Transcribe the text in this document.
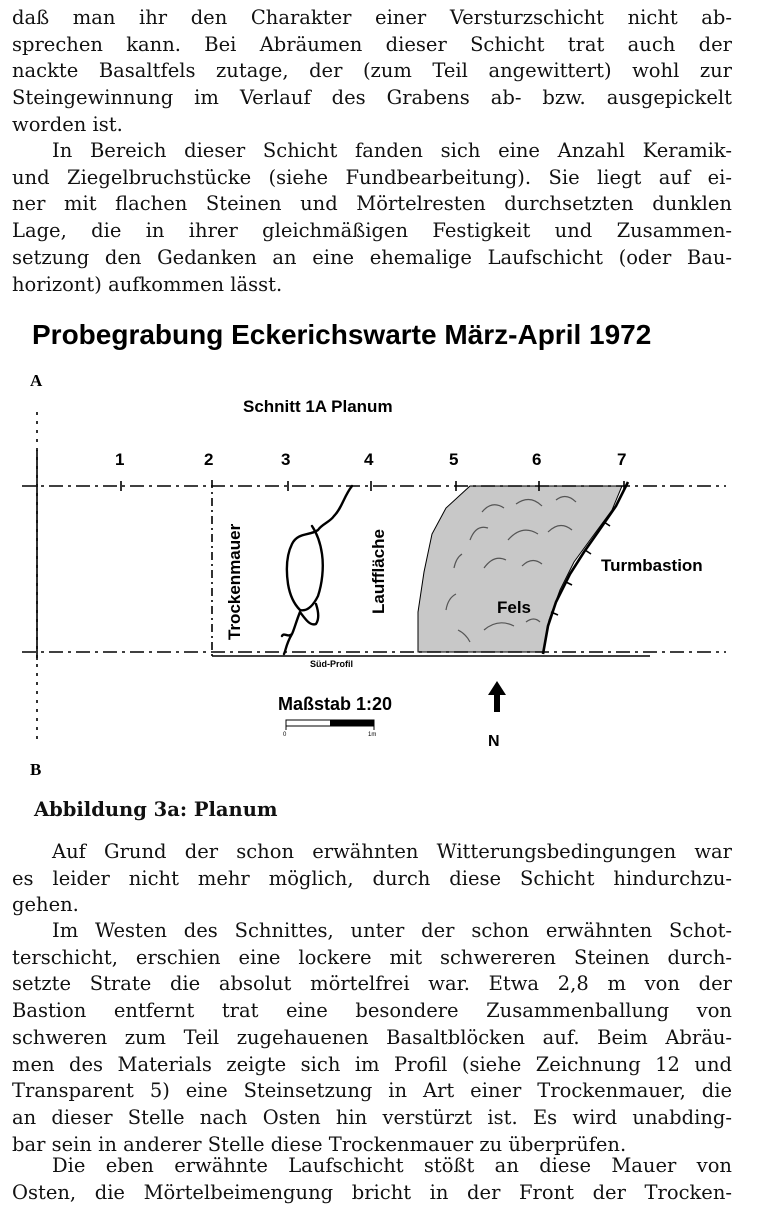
daß man ihr den Charakter einer Versturzschicht nicht ab-
sprechen kann. Bei Abräumen dieser Schicht trat auch der
nackte Basaltfels zutage, der (zum Teil angewittert) wohl zur
Steingewinnung im Verlauf des Grabens ab- bzw. ausgepickelt
worden ist.
In Bereich dieser Schicht fanden sich eine Anzahl Keramik-
und Ziegelbruchstücke (siehe Fundbearbeitung). Sie liegt auf ei-
ner mit flachen Steinen und Mörtelresten durchsetzten dunklen
Lage, die in ihrer gleichmäßigen Festigkeit und Zusammen-
setzung den Gedanken an eine ehemalige Laufschicht (oder Bau-
horizont) aufkommen lässt.
Probegrabung Eckerichswarte März-April 1972
A
Schnitt 1A Planum
1	2	3	4	5	6	7
Trockenmauer	Lauffläche	Fels
Turmbastion
Süd-Profil
Maßstab 1:20
0	1m	N
B
Abbildung 3a: Planum
Auf Grund der schon erwähnten Witterungsbedingungen war
es leider nicht mehr möglich, durch diese Schicht hindurchzu-
gehen.
Im Westen des Schnittes, unter der schon erwähnten Schot-
terschicht, erschien eine lockere mit schwereren Steinen durch-
setzte Strate die absolut mörtelfrei war. Etwa 2,8 m von der
Bastion entfernt trat eine besondere Zusammenballung von
schweren zum Teil zugehauenen Basaltblöcken auf. Beim Abräu-
men des Materials zeigte sich im Profil (siehe Zeichnung 12 und
Transparent 5) eine Steinsetzung in Art einer Trockenmauer, die
an dieser Stelle nach Osten hin verstürzt ist. Es wird unabding-
bar sein in anderer Stelle diese Trockenmauer zu überprüfen.
Die eben erwähnte Laufschicht stößt an diese Mauer von
Osten, die Mörtelbeimengung bricht in der Front der Trocken-
